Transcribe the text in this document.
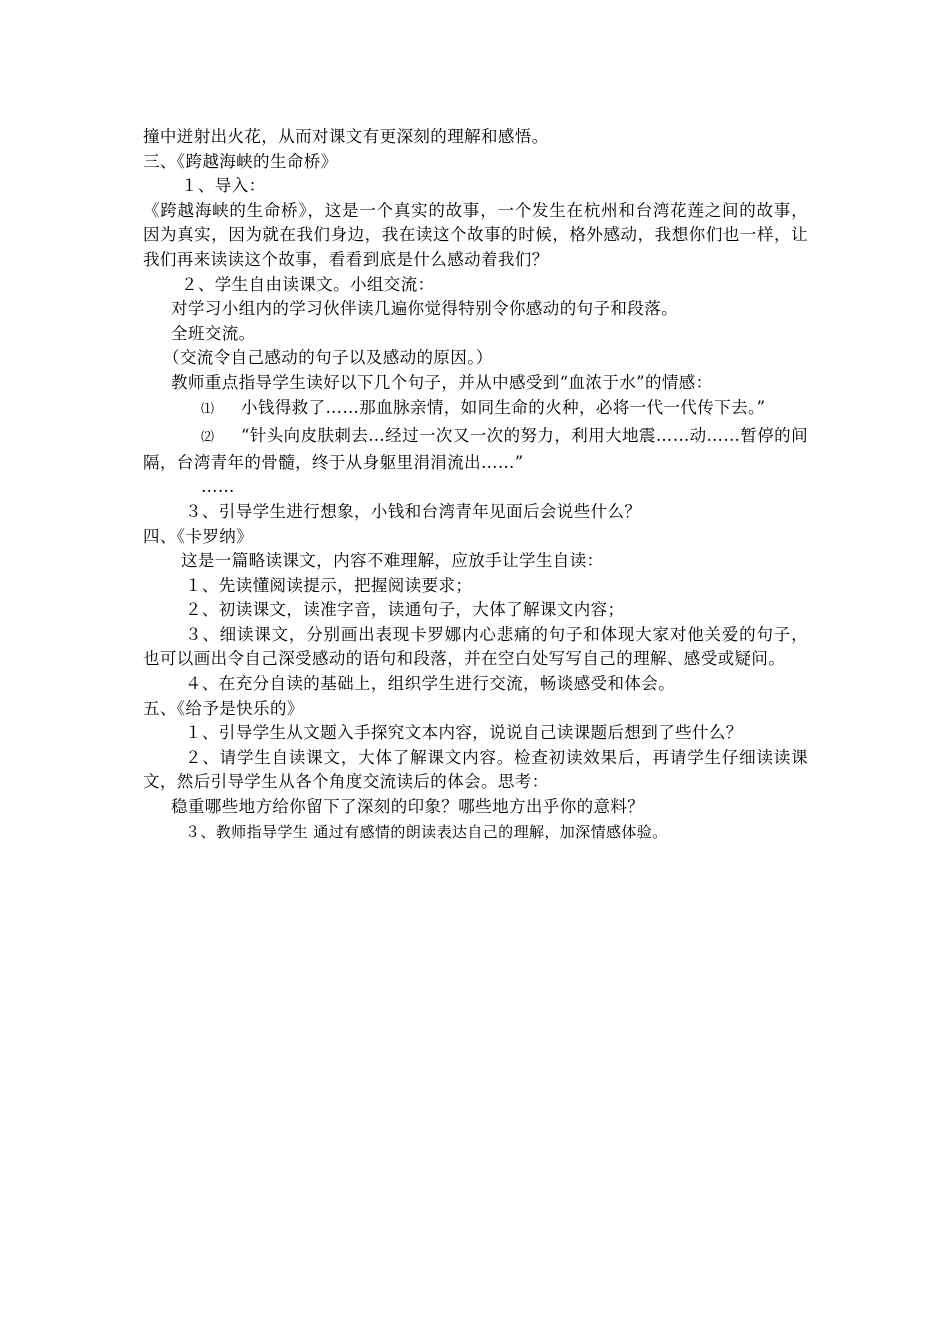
撞中迸射出火花，从而对课文有更深刻的理解和感悟。
三、《跨越海峡的生命桥》
１、导入：
《跨越海峡的生命桥》，这是一个真实的故事，一个发生在杭州和台湾花莲之间的故事，因为真实，因为就在我们身边，我在读这个故事的时候，格外感动，我想你们也一样，让我们再来读读这个故事，看看到底是什么感动着我们？
２、学生自由读课文。小组交流：
对学习小组内的学习伙伴读几遍你觉得特别令你感动的句子和段落。
全班交流。
（交流令自己感动的句子以及感动的原因。）
教师重点指导学生读好以下几个句子，并从中感受到“血浓于水”的情感：
⑴ 小钱得救了……那血脉亲情，如同生命的火种，必将一代一代传下去。”
⑵ “针头向皮肤刺去…经过一次又一次的努力，利用大地震……动……暂停的间隔，台湾青年的骨髓，终于从身躯里涓涓流出……”
……
３、引导学生进行想象，小钱和台湾青年见面后会说些什么？
四、《卡罗纳》
这是一篇略读课文，内容不难理解，应放手让学生自读：
１、先读懂阅读提示，把握阅读要求；
２、初读课文，读准字音，读通句子，大体了解课文内容；
３、细读课文，分别画出表现卡罗娜内心悲痛的句子和体现大家对他关爱的句子，也可以画出令自己深受感动的语句和段落，并在空白处写写自己的理解、感受或疑问。
４、在充分自读的基础上，组织学生进行交流，畅谈感受和体会。
五、《给予是快乐的》
１、引导学生从文题入手探究文本内容，说说自己读课题后想到了些什么？
２、请学生自读课文，大体了解课文内容。检查初读效果后，再请学生仔细读读课文，然后引导学生从各个角度交流读后的体会。思考：
稳重哪些地方给你留下了深刻的印象？哪些地方出乎你的意料？
３、教师指导学生 通过有感情的朗读表达自己的理解，加深情感体验。
